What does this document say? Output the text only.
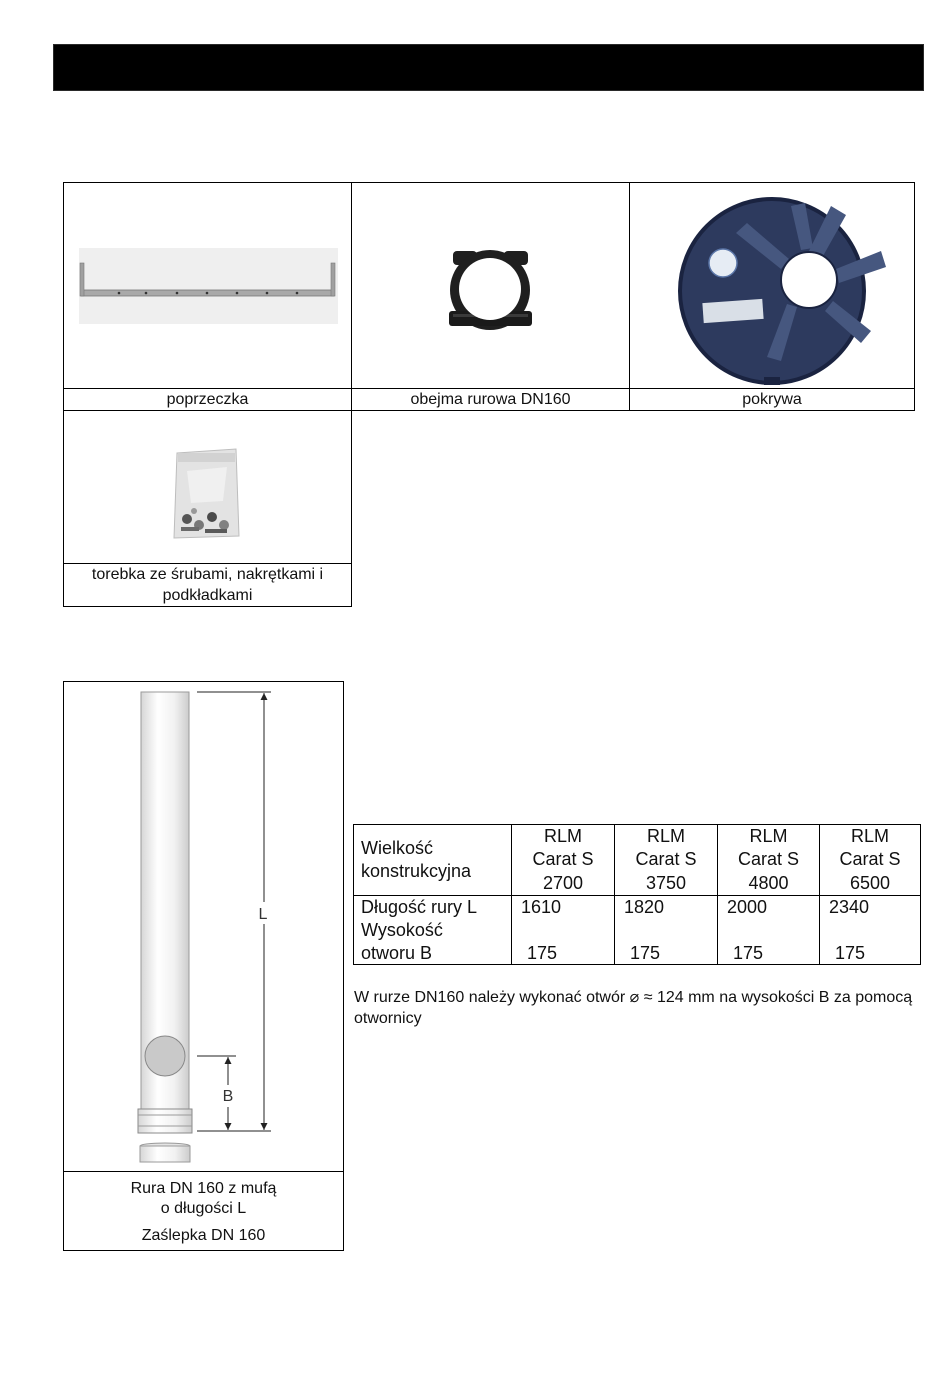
poprzeczka	obejma rurowa DN160	pokrywa
torebka ze śrubami, nakrętkami i podkładkami
L
B
Rura DN 160 z mufą
o długości L
Zaślepka DN 160
Wielkość
konstrukcyjna
RLM
Carat S
2700
RLM
Carat S
3750
RLM
Carat S
4800
RLM
Carat S
6500
Długość rury L
Wysokość
otworu B
1610
175
1820
175
2000
175
2340
175
W rurze DN160 należy wykonać otwór ⌀ ≈ 124 mm na wysokości B za pomocą otwornicy
